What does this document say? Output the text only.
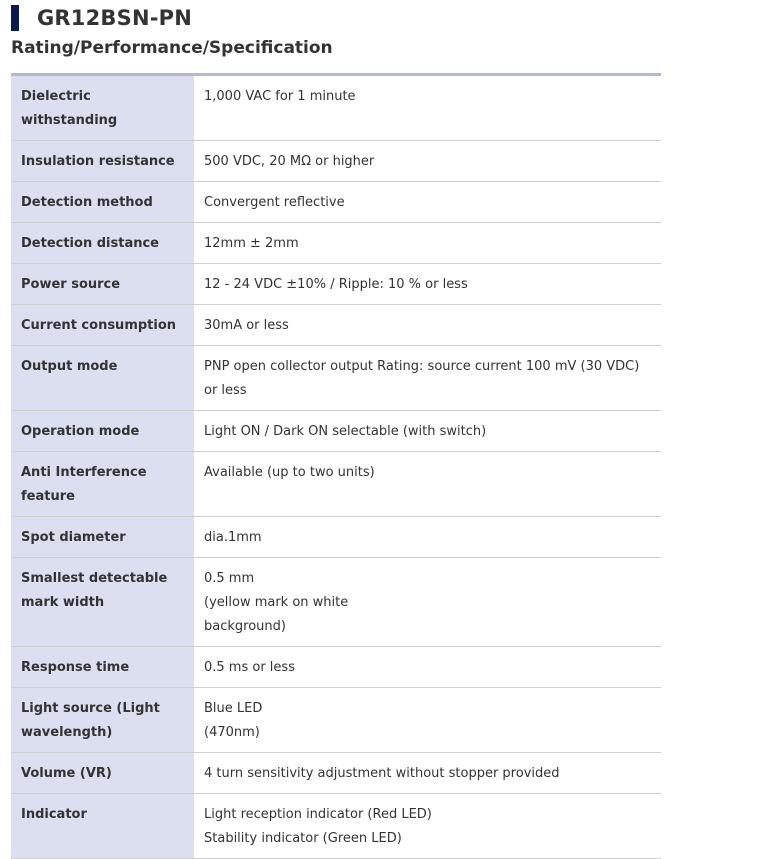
GR12BSN-PN
Rating/Performance/Specification
Dielectric withstanding	1,000 VAC for 1 minute

Insulation resistance	500 VDC, 20 MΩ or higher

Detection method	Convergent reflective

Detection distance	12mm ± 2mm

Power source	12 - 24 VDC ±10% / Ripple: 10 % or less

Current consumption	30mA or less

Output mode	PNP open collector output Rating: source current 100 mV (30 VDC)
or less

Operation mode	Light ON / Dark ON selectable (with switch)

Anti Interference
feature	Available (up to two units)

Spot diameter	dia.1mm

Smallest detectable
mark width	0.5 mm
(yellow mark on white
background)

Response time	0.5 ms or less

Light source (Light
wavelength)	Blue LED
(470nm)

Volume (VR)	4 turn sensitivity adjustment without stopper provided

Indicator	Light reception indicator (Red LED)
Stability indicator (Green LED)
